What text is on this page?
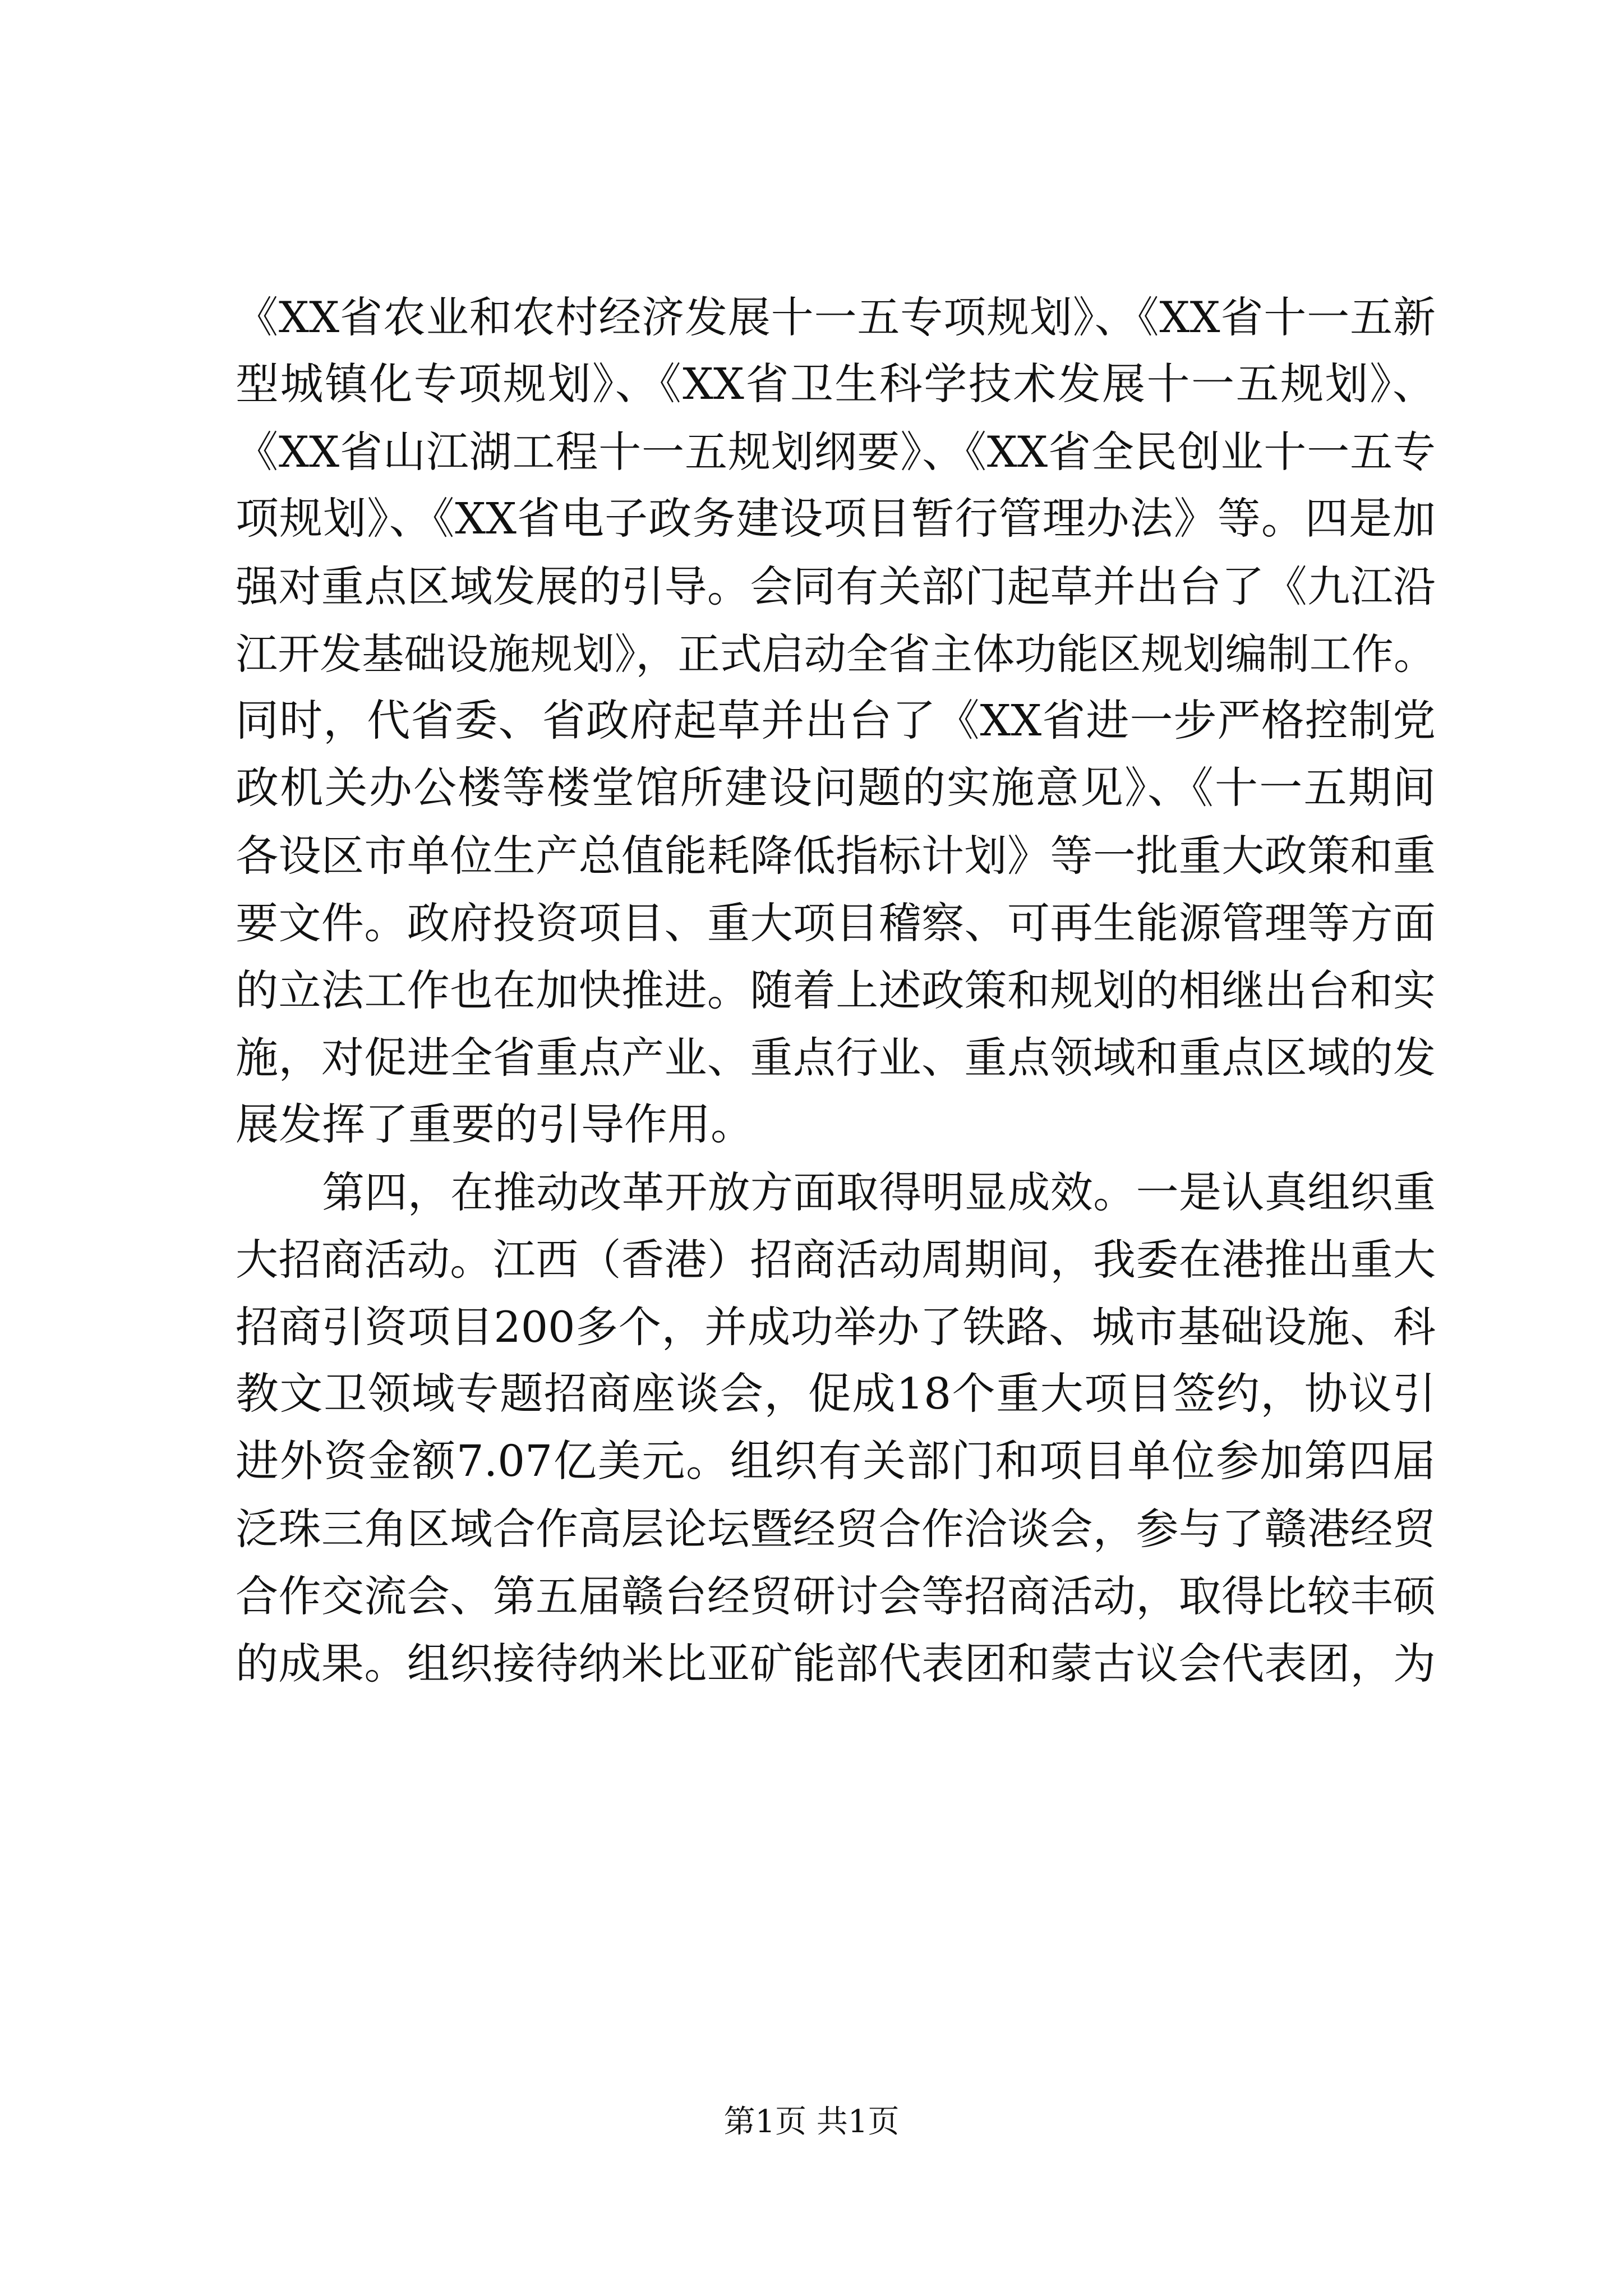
《XX省农业和农村经济发展十一五专项规划》、《XX省十一五新
型城镇化专项规划》、《XX省卫生科学技术发展十一五规划》、
《XX省山江湖工程十一五规划纲要》、《XX省全民创业十一五专
项规划》、《XX省电子政务建设项目暂行管理办法》等。四是加
强对重点区域发展的引导。会同有关部门起草并出台了《九江沿
江开发基础设施规划》，正式启动全省主体功能区规划编制工作。
同时，代省委、省政府起草并出台了《XX省进一步严格控制党
政机关办公楼等楼堂馆所建设问题的实施意见》、《十一五期间
各设区市单位生产总值能耗降低指标计划》等一批重大政策和重
要文件。政府投资项目、重大项目稽察、可再生能源管理等方面
的立法工作也在加快推进。随着上述政策和规划的相继出台和实
施，对促进全省重点产业、重点行业、重点领域和重点区域的发
展发挥了重要的引导作用。
第四，在推动改革开放方面取得明显成效。一是认真组织重
大招商活动。江西（香港）招商活动周期间，我委在港推出重大
招商引资项目200多个，并成功举办了铁路、城市基础设施、科
教文卫领域专题招商座谈会，促成18个重大项目签约，协议引
进外资金额7.07亿美元。组织有关部门和项目单位参加第四届
泛珠三角区域合作高层论坛暨经贸合作洽谈会，参与了赣港经贸
合作交流会、第五届赣台经贸研讨会等招商活动，取得比较丰硕
的成果。组织接待纳米比亚矿能部代表团和蒙古议会代表团，为
第1页 共1页
